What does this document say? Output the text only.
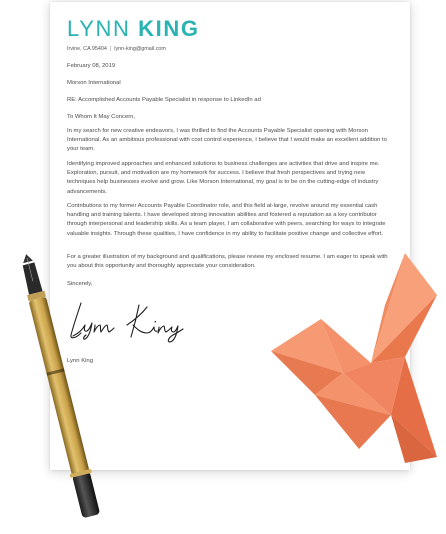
LYNN KING
Irvine, CA 95404 | lynn-king@gmail.com

February 08, 2019

Morson International

RE: Accomplished Accounts Payable Specialist in response to LinkedIn ad

To Whom It May Concern,

In my search for new creative endeavors, I was thrilled to find the Accounts Payable Specialist opening with Morson International. As an ambitious professional with cost control experience, I believe that I would make an excellent addition to your team.

Identifying improved approaches and enhanced solutions to business challenges are activities that drive and inspire me. Exploration, pursuit, and motivation are my homework for success. I believe that fresh perspectives and trying new techniques help businesses evolve and grow. Like Morson International, my goal is to be on the cutting-edge of industry advancements.

Contributions to my former Accounts Payable Coordinator role, and this field at-large, revolve around my essential cash handling and training talents. I have developed strong innovation abilities and fostered a reputation as a key contributor through interpersonal and leadership skills. As a team player, I am collaborative with peers, searching for ways to integrate valuable insights. Through these qualities, I have confidence in my ability to facilitate positive change and collective effort.

For a greater illustration of my background and qualifications, please review my enclosed resume. I am eager to speak with you about this opportunity and thoroughly appreciate your consideration.

Sincerely,

Lynn King
